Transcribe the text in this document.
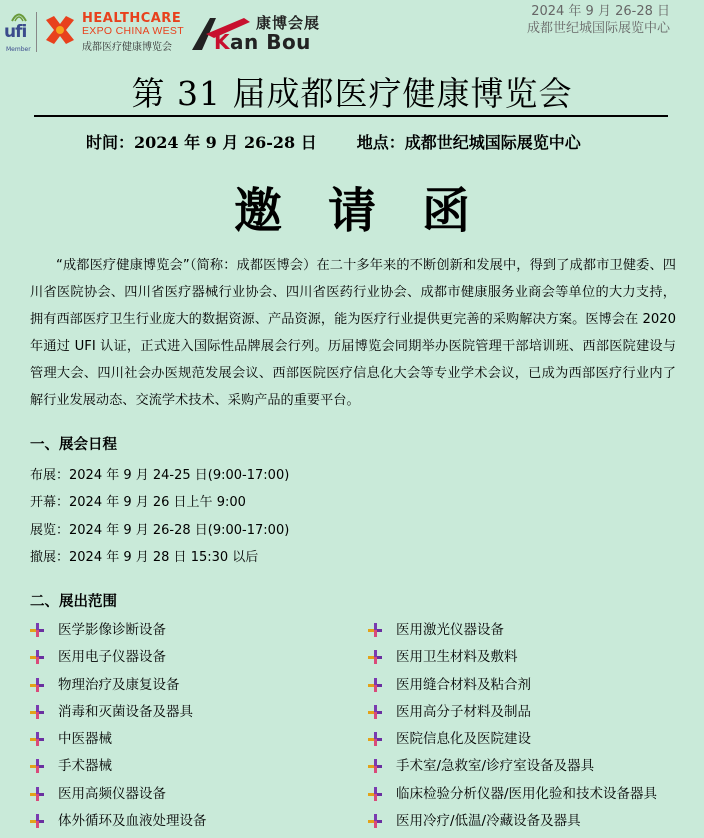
ufi
Member
HEALTHCARE
EXPO CHINA WEST
成都医疗健康博览会
康博会展
Kan Bou
2024 年 9 月 26-28 日
成都世纪城国际展览中心
第 31 届成都医疗健康博览会
时间：2024 年 9 月 26-28 日	地点：成都世纪城国际展览中心
邀请函
“成都医疗健康博览会”（简称：成都医博会）在二十多年来的不断创新和发展中，得到了成都市卫健委、四川省医院协会、四川省医疗器械行业协会、四川省医药行业协会、成都市健康服务业商会等单位的大力支持，拥有西部医疗卫生行业庞大的数据资源、产品资源，能为医疗行业提供更完善的采购解决方案。医博会在 2020 年通过 UFI 认证，正式进入国际性品牌展会行列。历届博览会同期举办医院管理干部培训班、西部医院建设与管理大会、四川社会办医规范发展会议、西部医院医疗信息化大会等专业学术会议，已成为西部医疗行业内了解行业发展动态、交流学术技术、采购产品的重要平台。
一、展会日程
布展：2024 年 9 月 24-25 日(9:00-17:00)
开幕：2024 年 9 月 26 日上午 9:00
展览：2024 年 9 月 26-28 日(9:00-17:00)
撤展：2024 年 9 月 28 日 15:30 以后
二、展出范围
医学影像诊断设备
医用电子仪器设备
物理治疗及康复设备
消毒和灭菌设备及器具
中医器械
手术器械
医用高频仪器设备
体外循环及血液处理设备
医用激光仪器设备
医用卫生材料及敷料
医用缝合材料及粘合剂
医用高分子材料及制品
医院信息化及医院建设
手术室/急救室/诊疗室设备及器具
临床检验分析仪器/医用化验和技术设备器具
医用冷疗/低温/冷藏设备及器具
